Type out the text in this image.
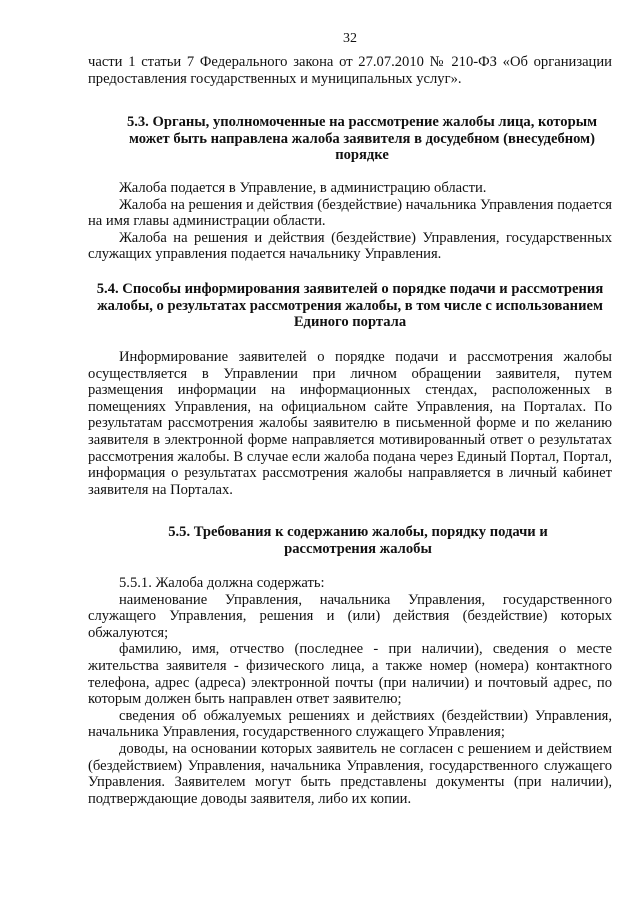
32

части 1 статьи 7 Федерального закона от 27.07.2010 № 210-ФЗ «Об организации предоставления государственных и муниципальных услуг».

5.3. Органы, уполномоченные на рассмотрение жалобы лица, которым может быть направлена жалоба заявителя в досудебном (внесудебном) порядке

Жалоба подается в Управление, в администрацию области.

Жалоба на решения и действия (бездействие) начальника Управления подается на имя главы администрации области.

Жалоба на решения и действия (бездействие) Управления, государственных служащих управления подается начальнику Управления.

5.4. Способы информирования заявителей о порядке подачи и рассмотрения жалобы, о результатах рассмотрения жалобы, в том числе с использованием Единого портала

Информирование заявителей о порядке подачи и рассмотрения жалобы осуществляется в Управлении при личном обращении заявителя, путем размещения информации на информационных стендах, расположенных в помещениях Управления, на официальном сайте Управления, на Порталах. По результатам рассмотрения жалобы заявителю в письменной форме и по желанию заявителя в электронной форме направляется мотивированный ответ о результатах рассмотрения жалобы. В случае если жалоба подана через Единый Портал, Портал, информация о результатах рассмотрения жалобы направляется в личный кабинет заявителя на Порталах.

5.5. Требования к содержанию жалобы, порядку подачи и рассмотрения жалобы

5.5.1. Жалоба должна содержать:

наименование Управления, начальника Управления, государственного служащего Управления, решения и (или) действия (бездействие) которых обжалуются;

фамилию, имя, отчество (последнее - при наличии), сведения о месте жительства заявителя - физического лица, а также номер (номера) контактного телефона, адрес (адреса) электронной почты (при наличии) и почтовый адрес, по которым должен быть направлен ответ заявителю;

сведения об обжалуемых решениях и действиях (бездействии) Управления, начальника Управления, государственного служащего Управления;

доводы, на основании которых заявитель не согласен с решением и действием (бездействием) Управления, начальника Управления, государственного служащего Управления. Заявителем могут быть представлены документы (при наличии), подтверждающие доводы заявителя, либо их копии.
